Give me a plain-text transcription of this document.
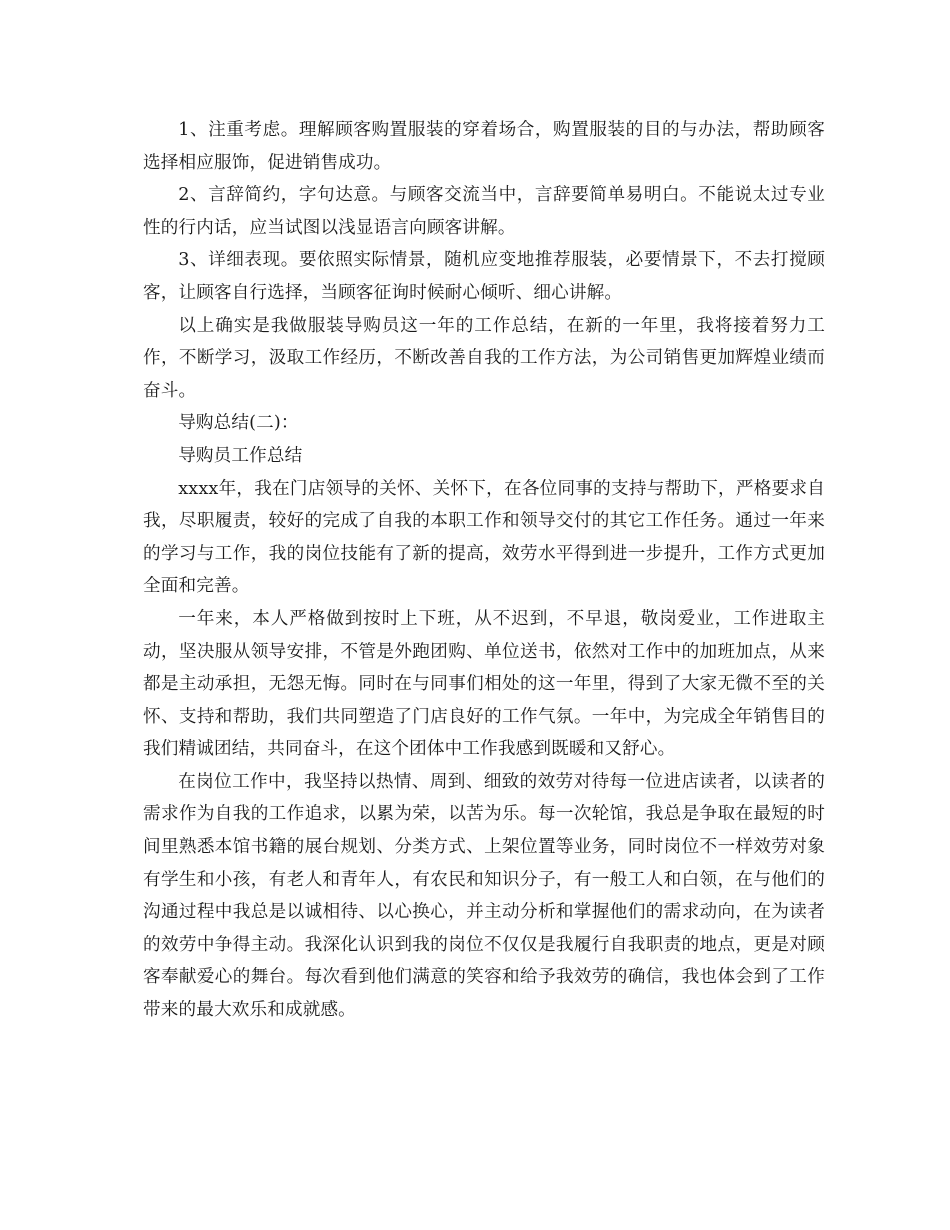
1、注重考虑。理解顾客购置服装的穿着场合，购置服装的目的与办法，帮助顾客选择相应服饰，促进销售成功。

2、言辞简约，字句达意。与顾客交流当中，言辞要简单易明白。不能说太过专业性的行内话，应当试图以浅显语言向顾客讲解。

3、详细表现。要依照实际情景，随机应变地推荐服装，必要情景下，不去打搅顾客，让顾客自行选择，当顾客征询时候耐心倾听、细心讲解。

以上确实是我做服装导购员这一年的工作总结，在新的一年里，我将接着努力工作，不断学习，汲取工作经历，不断改善自我的工作方法，为公司销售更加辉煌业绩而奋斗。

导购总结(二)：

导购员工作总结

xxxx年，我在门店领导的关怀、关怀下，在各位同事的支持与帮助下，严格要求自我，尽职履责，较好的完成了自我的本职工作和领导交付的其它工作任务。通过一年来的学习与工作，我的岗位技能有了新的提高，效劳水平得到进一步提升，工作方式更加全面和完善。

一年来，本人严格做到按时上下班，从不迟到，不早退，敬岗爱业，工作进取主动，坚决服从领导安排，不管是外跑团购、单位送书，依然对工作中的加班加点，从来都是主动承担，无怨无悔。同时在与同事们相处的这一年里，得到了大家无微不至的关怀、支持和帮助，我们共同塑造了门店良好的工作气氛。一年中，为完成全年销售目的我们精诚团结，共同奋斗，在这个团体中工作我感到既暖和又舒心。

在岗位工作中，我坚持以热情、周到、细致的效劳对待每一位进店读者，以读者的需求作为自我的工作追求，以累为荣，以苦为乐。每一次轮馆，我总是争取在最短的时间里熟悉本馆书籍的展台规划、分类方式、上架位置等业务，同时岗位不一样效劳对象有学生和小孩，有老人和青年人，有农民和知识分子，有一般工人和白领，在与他们的沟通过程中我总是以诚相待、以心换心，并主动分析和掌握他们的需求动向，在为读者的效劳中争得主动。我深化认识到我的岗位不仅仅是我履行自我职责的地点，更是对顾客奉献爱心的舞台。每次看到他们满意的笑容和给予我效劳的确信，我也体会到了工作带来的最大欢乐和成就感。
